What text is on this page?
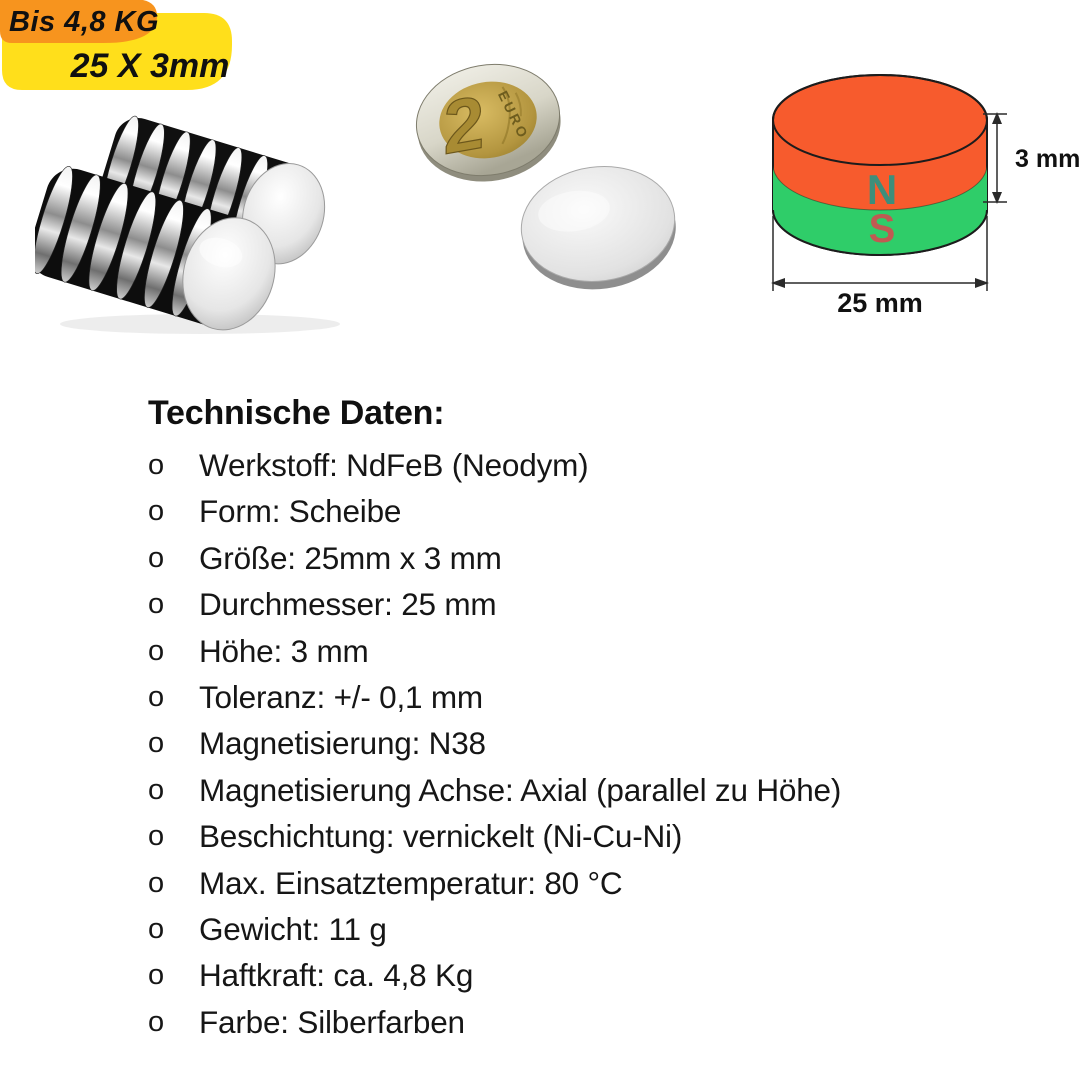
Bis 4,8 KG
25 X 3mm
2 EURO
N
S
3 mm
25 mm
Technische Daten:
o	Werkstoff: NdFeB (Neodym)
o	Form: Scheibe
o	Größe: 25mm x 3 mm
o	Durchmesser: 25 mm
o	Höhe: 3 mm
o	Toleranz: +/- 0,1 mm
o	Magnetisierung: N38
o	Magnetisierung Achse: Axial (parallel zu Höhe)
o	Beschichtung: vernickelt (Ni-Cu-Ni)
o	Max. Einsatztemperatur: 80 °C
o	Gewicht: 11 g
o	Haftkraft: ca. 4,8 Kg
o	Farbe: Silberfarben
